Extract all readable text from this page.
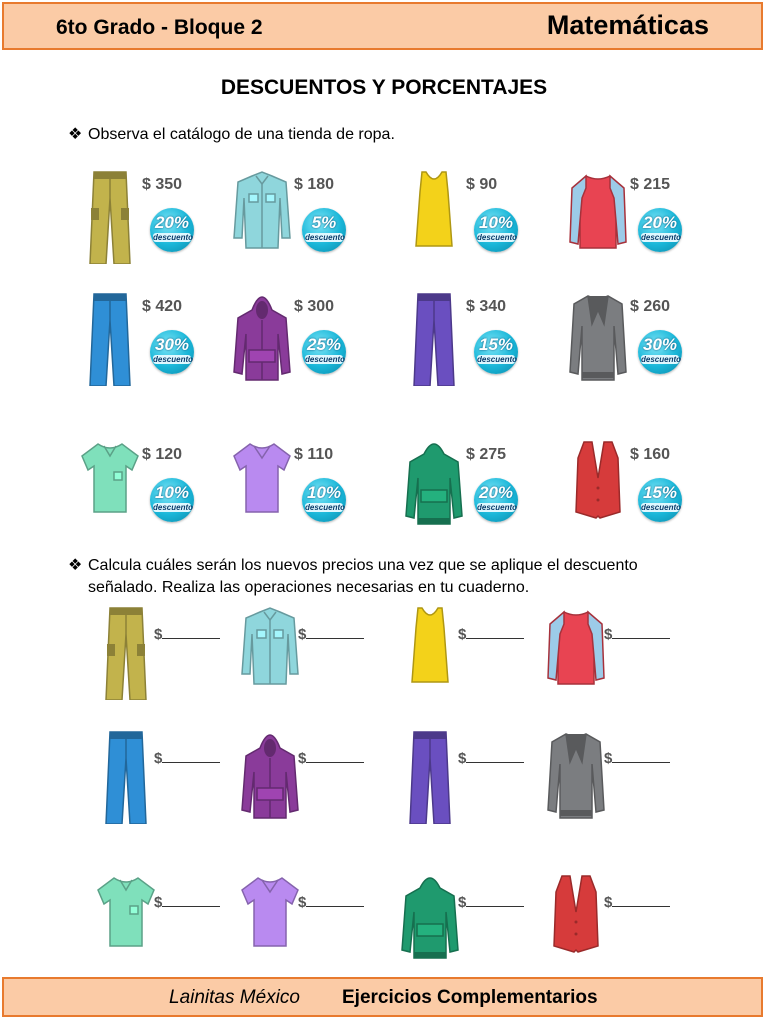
6to Grado - Bloque 2	Matemáticas
DESCUENTOS Y PORCENTAJES
❖ Observa el catálogo de una tienda de ropa.
$ 350
20%
descuento
$ 180
5%
descuento
$ 90
10%
descuento
$ 215
20%
descuento
$ 420
30%
descuento
$ 300
25%
descuento
$ 340
15%
descuento
$ 260
30%
descuento
$ 120
10%
descuento
$ 110
10%
descuento
$ 275
20%
descuento
$ 160
15%
descuento
❖ Calcula cuáles serán los nuevos precios una vez que se aplique el descuento señalado. Realiza las operaciones necesarias en tu cuaderno.
$	$	$	$
$	$	$	$
$	$	$	$
Lainitas México Ejercicios Complementarios
